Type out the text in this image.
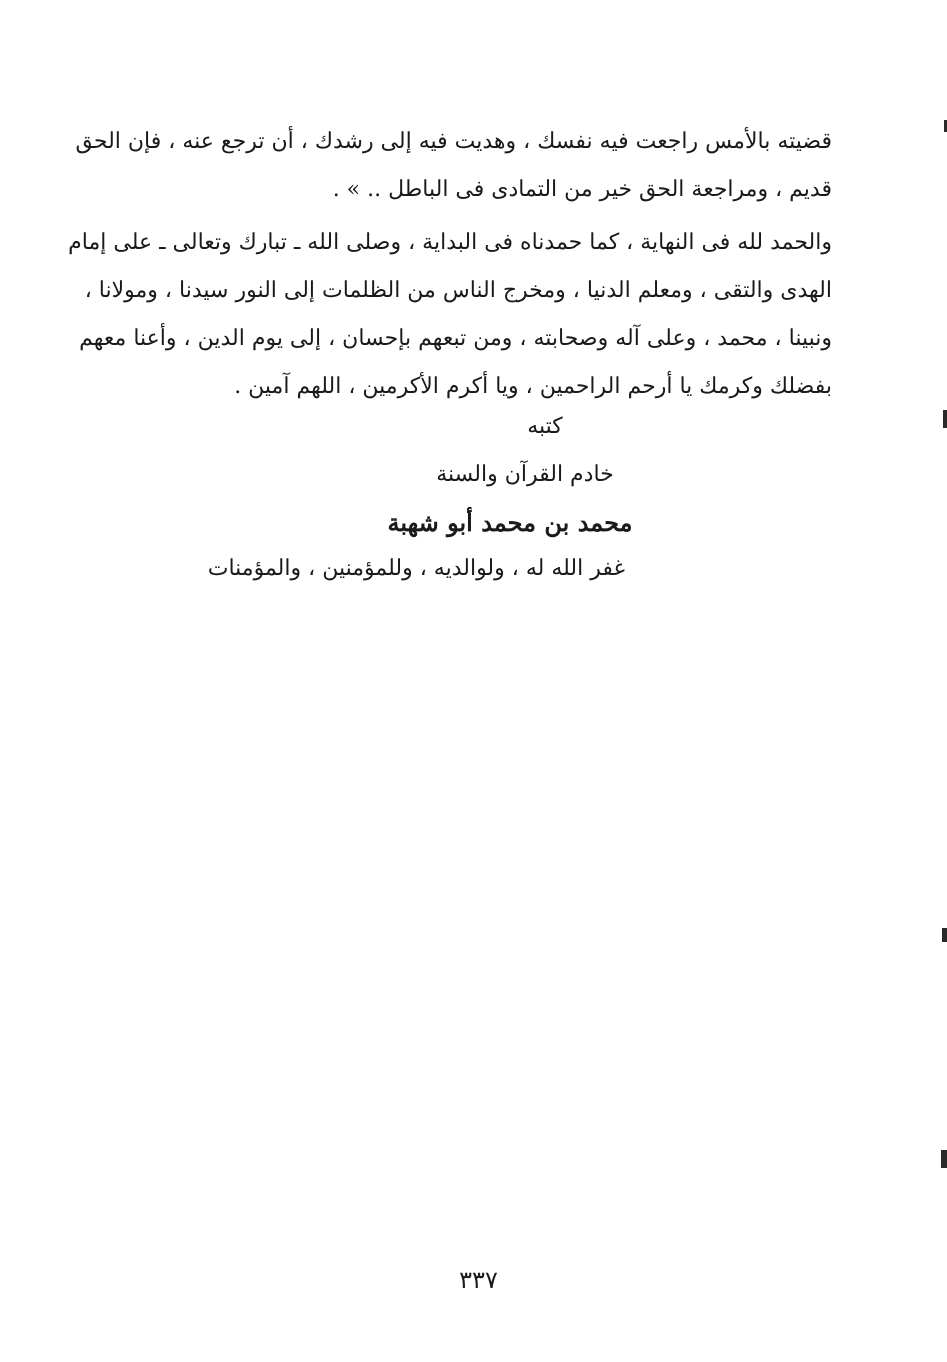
قضيته بالأمس راجعت فيه نفسك ، وهديت فيه إلى رشدك ، أن ترجع عنه ، فإن الحق
قديم ، ومراجعة الحق خير من التمادى فى الباطل .. » .
والحمد لله فى النهاية ، كما حمدناه فى البداية ، وصلى الله ـ تبارك وتعالى ـ على إمام
الهدى والتقى ، ومعلم الدنيا ، ومخرج الناس من الظلمات إلى النور سيدنا ، ومولانا ،
ونبينا ، محمد ، وعلى آله وصحابته ، ومن تبعهم بإحسان ، إلى يوم الدين ، وأعنا معهم
بفضلك وكرمك يا أرحم الراحمين ، ويا أكرم الأكرمين ، اللهم آمين .
كتبه
خادم القرآن والسنة
محمد بن محمد أبو شهبة
غفر الله له ، ولوالديه ، وللمؤمنين ، والمؤمنات
٣٣٧
